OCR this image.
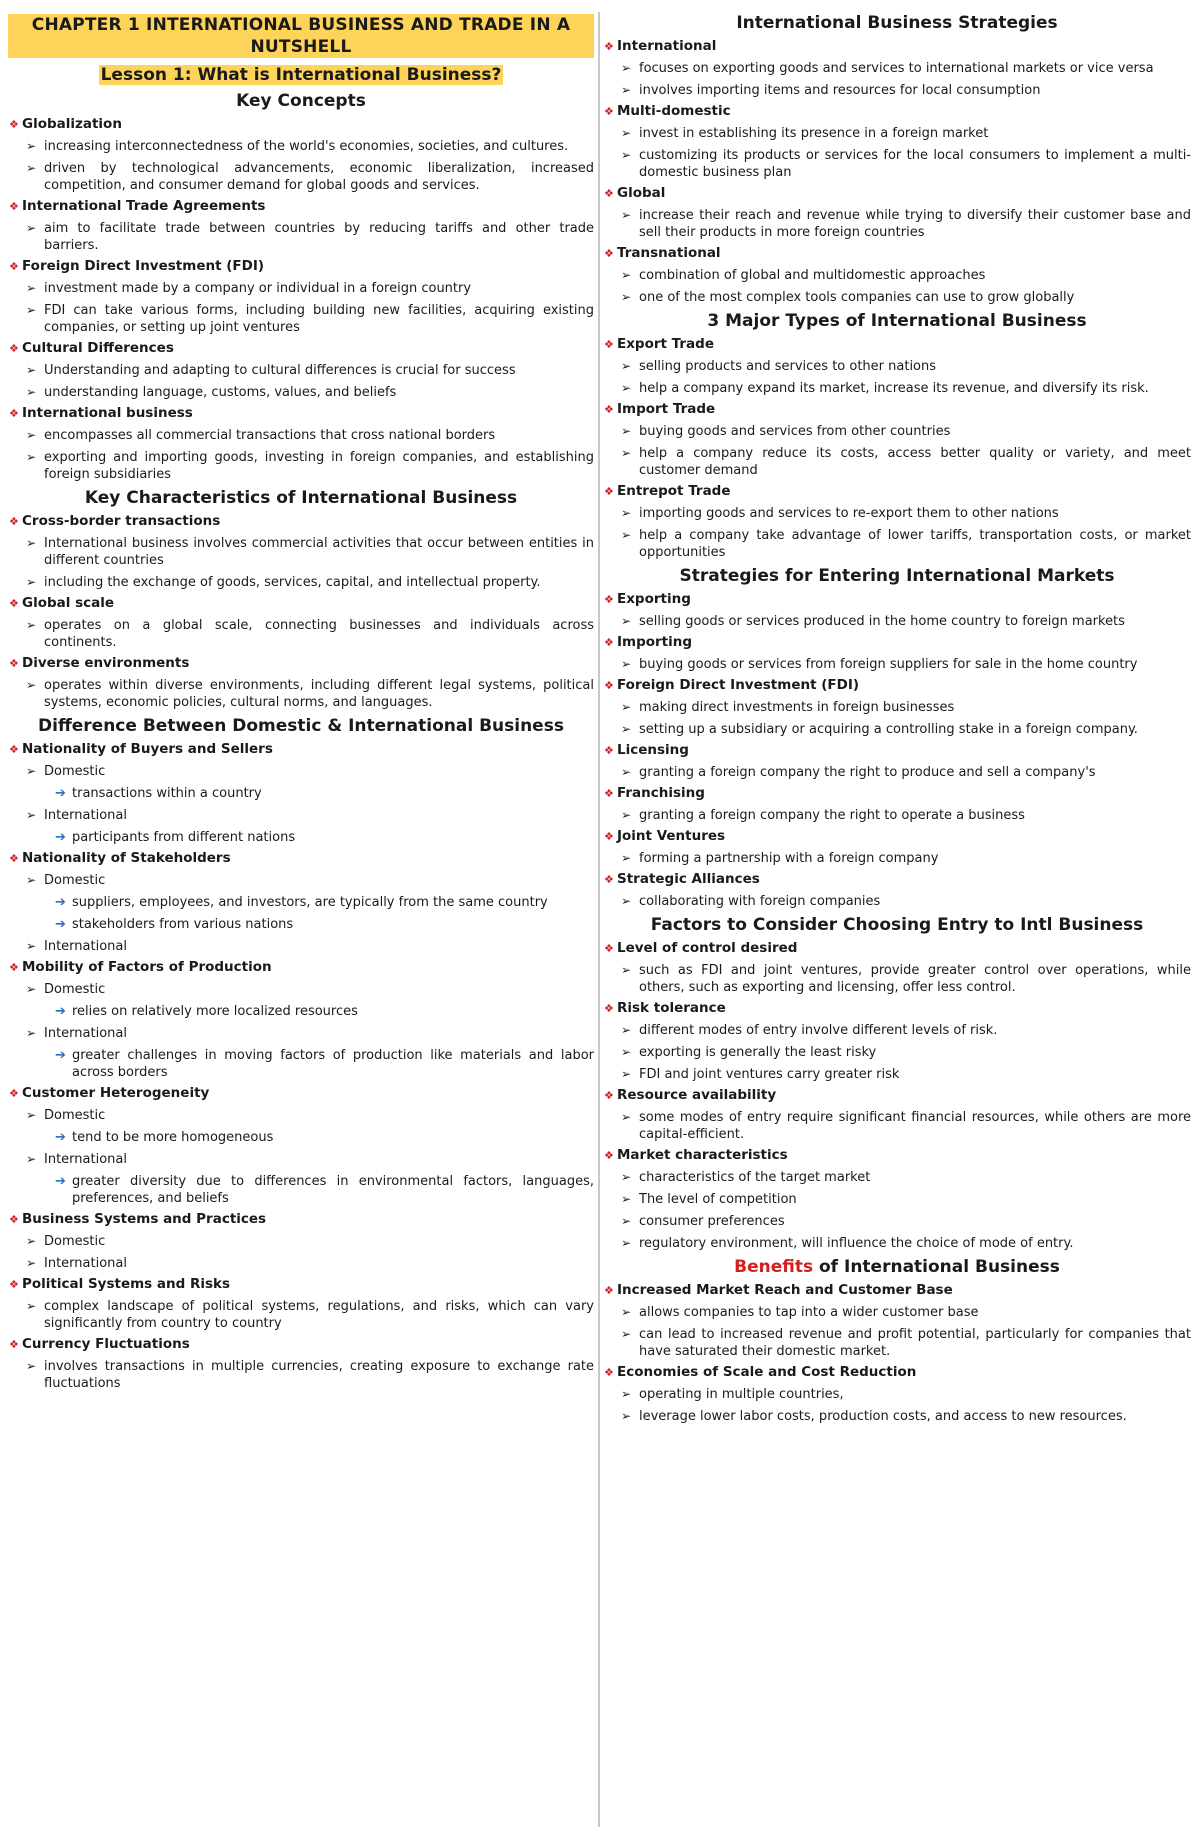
CHAPTER 1 INTERNATIONAL BUSINESS AND TRADE IN A NUTSHELL
Lesson 1: What is International Business?
Key Concepts
❖ Globalization
➢ increasing interconnectedness of the world's economies, societies, and cultures.
➢ driven by technological advancements, economic liberalization, increased competition, and consumer demand for global goods and services.
❖ International Trade Agreements
➢ aim to facilitate trade between countries by reducing tariffs and other trade barriers.
❖ Foreign Direct Investment (FDI)
➢ investment made by a company or individual in a foreign country
➢ FDI can take various forms, including building new facilities, acquiring existing companies, or setting up joint ventures
❖ Cultural Differences
➢ Understanding and adapting to cultural differences is crucial for success
➢ understanding language, customs, values, and beliefs
❖ International business
➢ encompasses all commercial transactions that cross national borders
➢ exporting and importing goods, investing in foreign companies, and establishing foreign subsidiaries
Key Characteristics of International Business
❖ Cross-border transactions
➢ International business involves commercial activities that occur between entities in different countries
➢ including the exchange of goods, services, capital, and intellectual property.
❖ Global scale
➢ operates on a global scale, connecting businesses and individuals across continents.
❖ Diverse environments
➢ operates within diverse environments, including different legal systems, political systems, economic policies, cultural norms, and languages.
Difference Between Domestic & International Business
❖ Nationality of Buyers and Sellers
➢ Domestic
➔ transactions within a country
➢ International
➔ participants from different nations
❖ Nationality of Stakeholders
➢ Domestic
➔ suppliers, employees, and investors, are typically from the same country
➔ stakeholders from various nations
➢ International
❖ Mobility of Factors of Production
➢ Domestic
➔ relies on relatively more localized resources
➢ International
➔ greater challenges in moving factors of production like materials and labor across borders
❖ Customer Heterogeneity
➢ Domestic
➔ tend to be more homogeneous
➢ International
➔ greater diversity due to differences in environmental factors, languages, preferences, and beliefs
❖ Business Systems and Practices
➢ Domestic
➢ International
❖ Political Systems and Risks
➢ complex landscape of political systems, regulations, and risks, which can vary significantly from country to country
❖ Currency Fluctuations
➢ involves transactions in multiple currencies, creating exposure to exchange rate fluctuations
International Business Strategies
❖ International
➢ focuses on exporting goods and services to international markets or vice versa
➢ involves importing items and resources for local consumption
❖ Multi-domestic
➢ invest in establishing its presence in a foreign market
➢ customizing its products or services for the local consumers to implement a multi-domestic business plan
❖ Global
➢ increase their reach and revenue while trying to diversify their customer base and sell their products in more foreign countries
❖ Transnational
➢ combination of global and multidomestic approaches
➢ one of the most complex tools companies can use to grow globally
3 Major Types of International Business
❖ Export Trade
➢ selling products and services to other nations
➢ help a company expand its market, increase its revenue, and diversify its risk.
❖ Import Trade
➢ buying goods and services from other countries
➢ help a company reduce its costs, access better quality or variety, and meet customer demand
❖ Entrepot Trade
➢ importing goods and services to re-export them to other nations
➢ help a company take advantage of lower tariffs, transportation costs, or market opportunities
Strategies for Entering International Markets
❖ Exporting
➢ selling goods or services produced in the home country to foreign markets
❖ Importing
➢ buying goods or services from foreign suppliers for sale in the home country
❖ Foreign Direct Investment (FDI)
➢ making direct investments in foreign businesses
➢ setting up a subsidiary or acquiring a controlling stake in a foreign company.
❖ Licensing
➢ granting a foreign company the right to produce and sell a company's
❖ Franchising
➢ granting a foreign company the right to operate a business
❖ Joint Ventures
➢ forming a partnership with a foreign company
❖ Strategic Alliances
➢ collaborating with foreign companies
Factors to Consider Choosing Entry to Intl Business
❖ Level of control desired
➢ such as FDI and joint ventures, provide greater control over operations, while others, such as exporting and licensing, offer less control.
❖ Risk tolerance
➢ different modes of entry involve different levels of risk.
➢ exporting is generally the least risky
➢ FDI and joint ventures carry greater risk
❖ Resource availability
➢ some modes of entry require significant financial resources, while others are more capital-efficient.
❖ Market characteristics
➢ characteristics of the target market
➢ The level of competition
➢ consumer preferences
➢ regulatory environment, will influence the choice of mode of entry.
Benefits of International Business
❖ Increased Market Reach and Customer Base
➢ allows companies to tap into a wider customer base
➢ can lead to increased revenue and profit potential, particularly for companies that have saturated their domestic market.
❖ Economies of Scale and Cost Reduction
➢ operating in multiple countries,
➢ leverage lower labor costs, production costs, and access to new resources.
